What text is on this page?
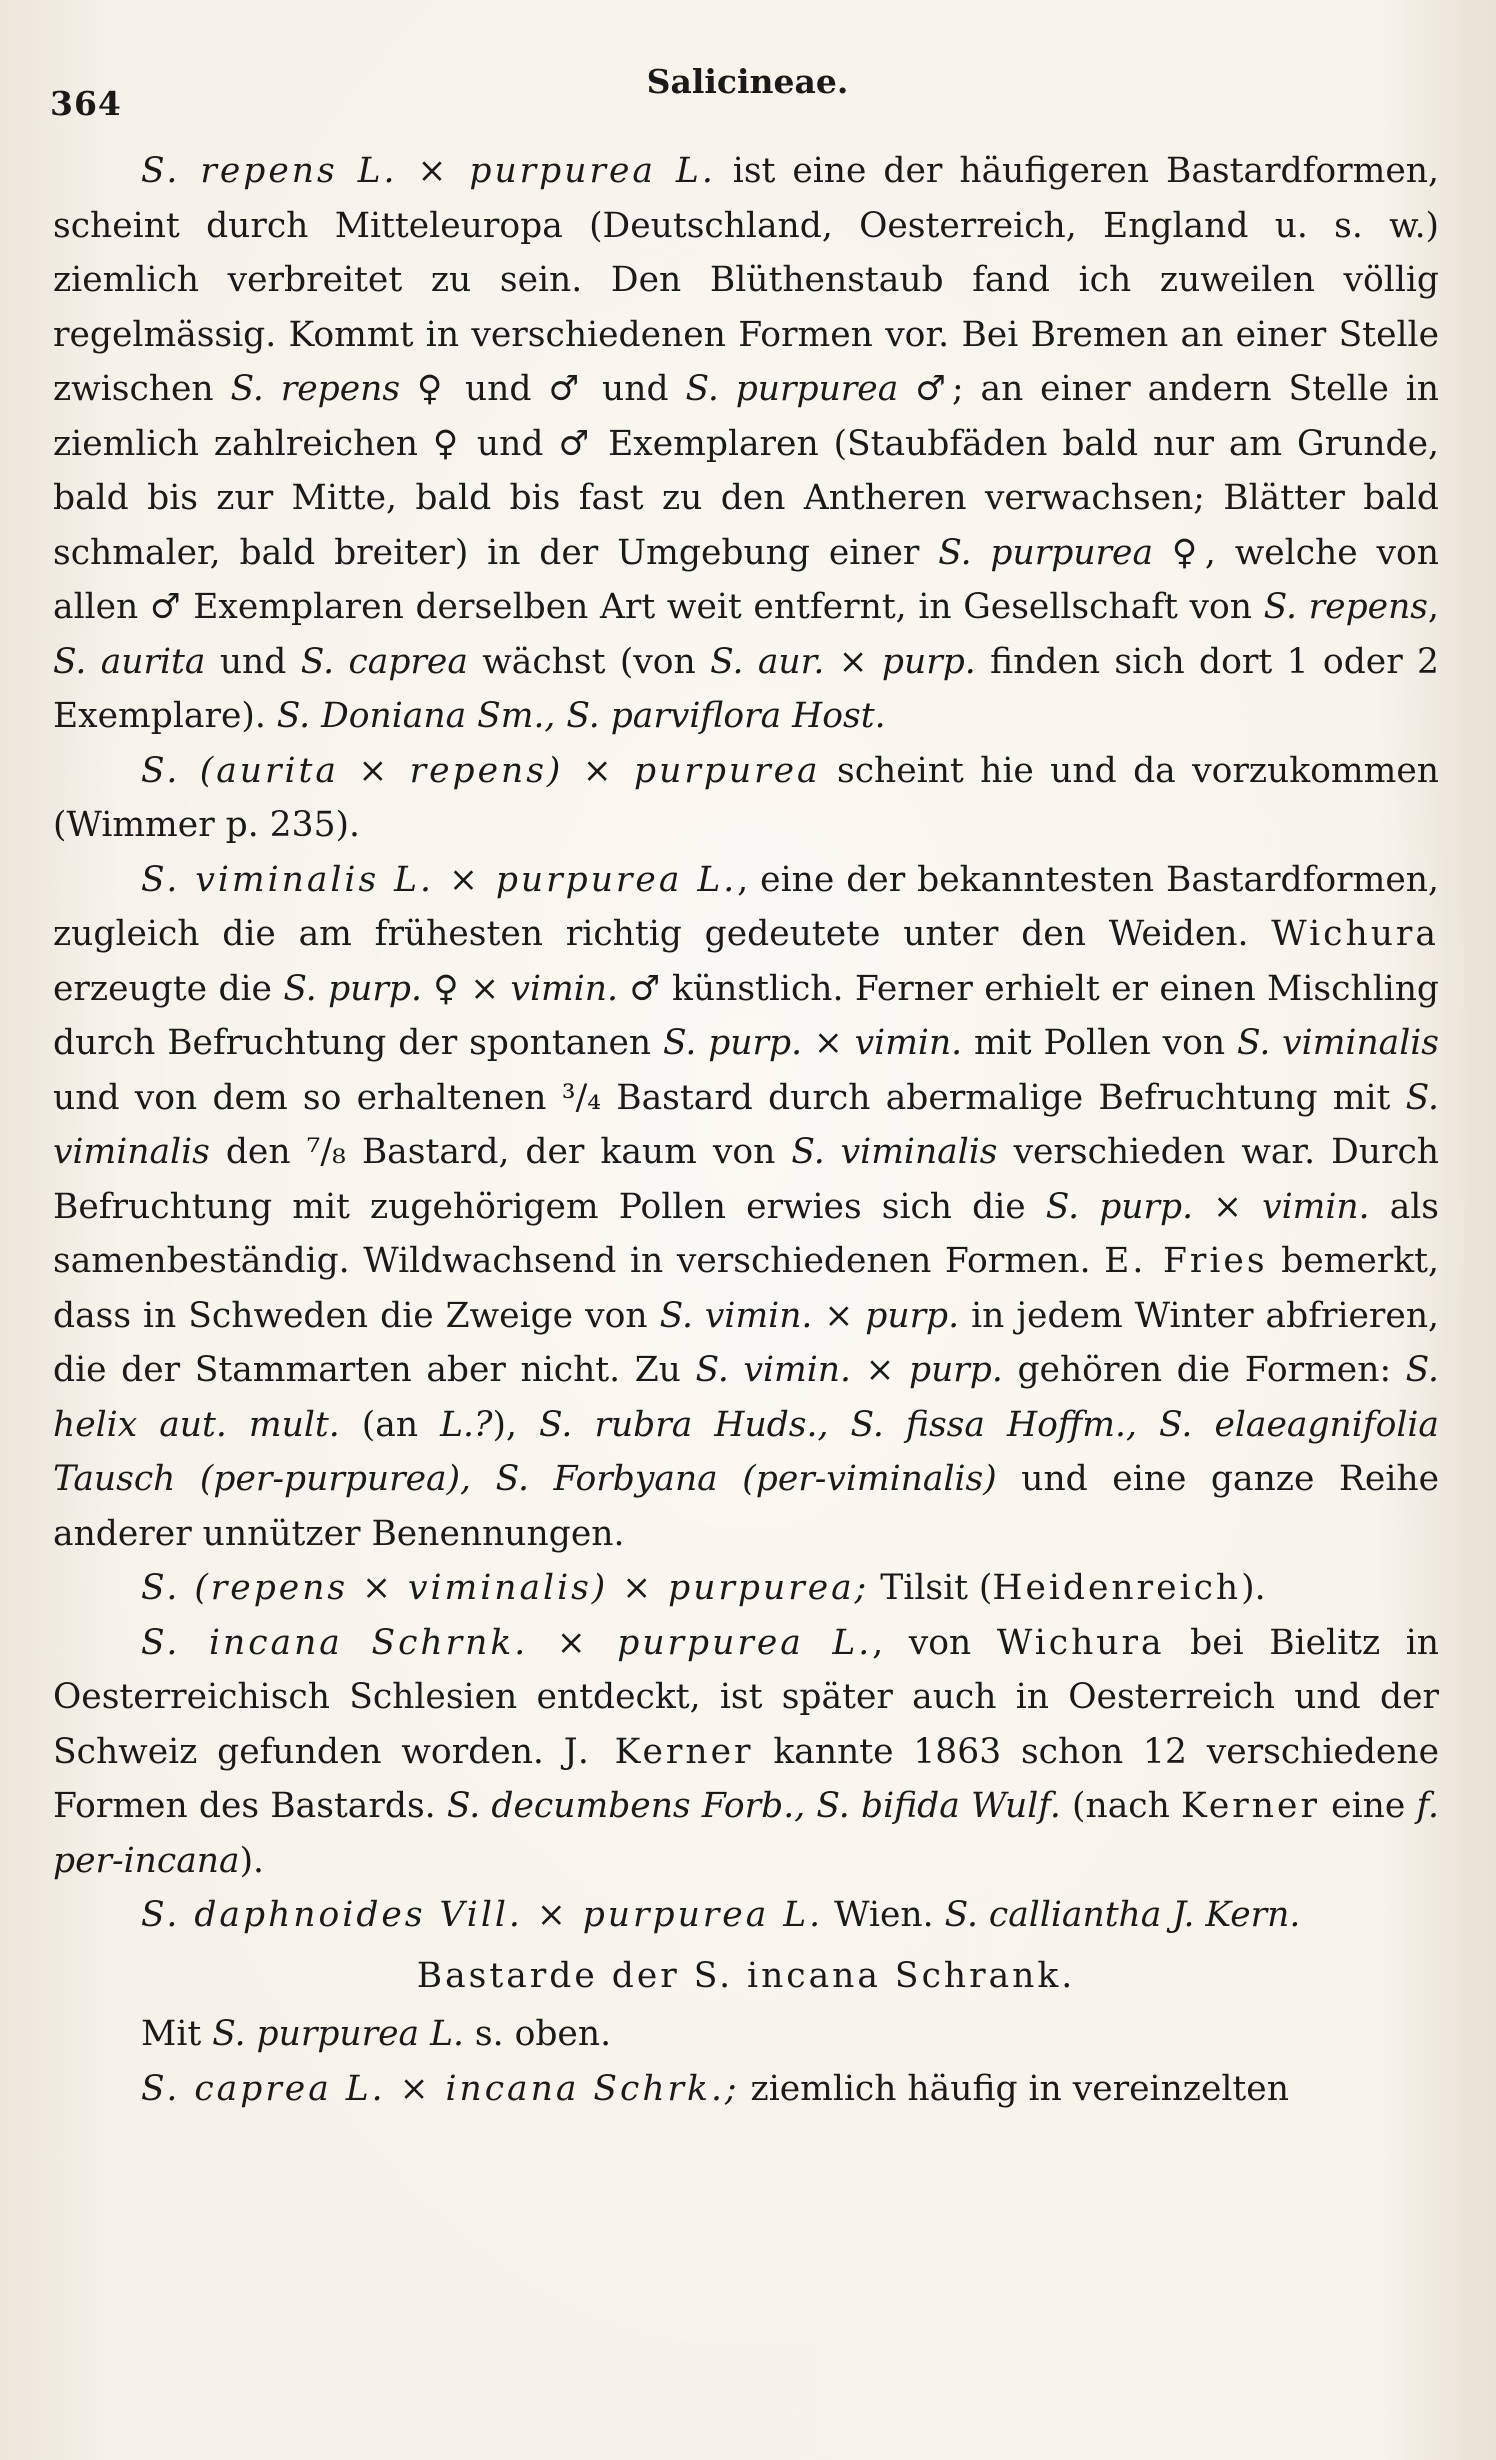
364
Salicineae.

S. repens L. × purpurea L. ist eine der häufigeren Bastardformen, scheint durch Mitteleuropa (Deutschland, Oesterreich, England u. s. w.) ziemlich verbreitet zu sein. Den Blüthenstaub fand ich zuweilen völlig regelmässig. Kommt in verschiedenen Formen vor. Bei Bremen an einer Stelle zwischen S. repens ♀ und ♂ und S. purpurea ♂; an einer andern Stelle in ziemlich zahlreichen ♀ und ♂ Exemplaren (Staubfäden bald nur am Grunde, bald bis zur Mitte, bald bis fast zu den Antheren verwachsen; Blätter bald schmaler, bald breiter) in der Umgebung einer S. purpurea ♀, welche von allen ♂ Exemplaren derselben Art weit entfernt, in Gesellschaft von S. repens, S. aurita und S. caprea wächst (von S. aur. × purp. finden sich dort 1 oder 2 Exemplare). S. Doniana Sm., S. parviflora Host.

S. (aurita × repens) × purpurea scheint hie und da vorzukommen (Wimmer p. 235).

S. viminalis L. × purpurea L., eine der bekanntesten Bastardformen, zugleich die am frühesten richtig gedeutete unter den Weiden. Wichura erzeugte die S. purp. ♀ × vimin. ♂ künstlich. Ferner erhielt er einen Mischling durch Befruchtung der spontanen S. purp. × vimin. mit Pollen von S. viminalis und von dem so erhaltenen ³/₄ Bastard durch abermalige Befruchtung mit S. viminalis den ⁷/₈ Bastard, der kaum von S. viminalis verschieden war. Durch Befruchtung mit zugehörigem Pollen erwies sich die S. purp. × vimin. als samenbeständig. Wildwachsend in verschiedenen Formen. E. Fries bemerkt, dass in Schweden die Zweige von S. vimin. × purp. in jedem Winter abfrieren, die der Stammarten aber nicht. Zu S. vimin. × purp. gehören die Formen: S. helix aut. mult. (an L.?), S. rubra Huds., S. fissa Hoffm., S. elaeagnifolia Tausch (per-purpurea), S. Forbyana (per-viminalis) und eine ganze Reihe anderer unnützer Benennungen.

S. (repens × viminalis) × purpurea; Tilsit (Heidenreich).

S. incana Schrnk. × purpurea L., von Wichura bei Bielitz in Oesterreichisch Schlesien entdeckt, ist später auch in Oesterreich und der Schweiz gefunden worden. J. Kerner kannte 1863 schon 12 verschiedene Formen des Bastards. S. decumbens Forb., S. bifida Wulf. (nach Kerner eine f. per-incana).

S. daphnoides Vill. × purpurea L. Wien. S. calliantha J. Kern.

Bastarde der S. incana Schrank.

Mit S. purpurea L. s. oben.

S. caprea L. × incana Schrk.; ziemlich häufig in vereinzelten
